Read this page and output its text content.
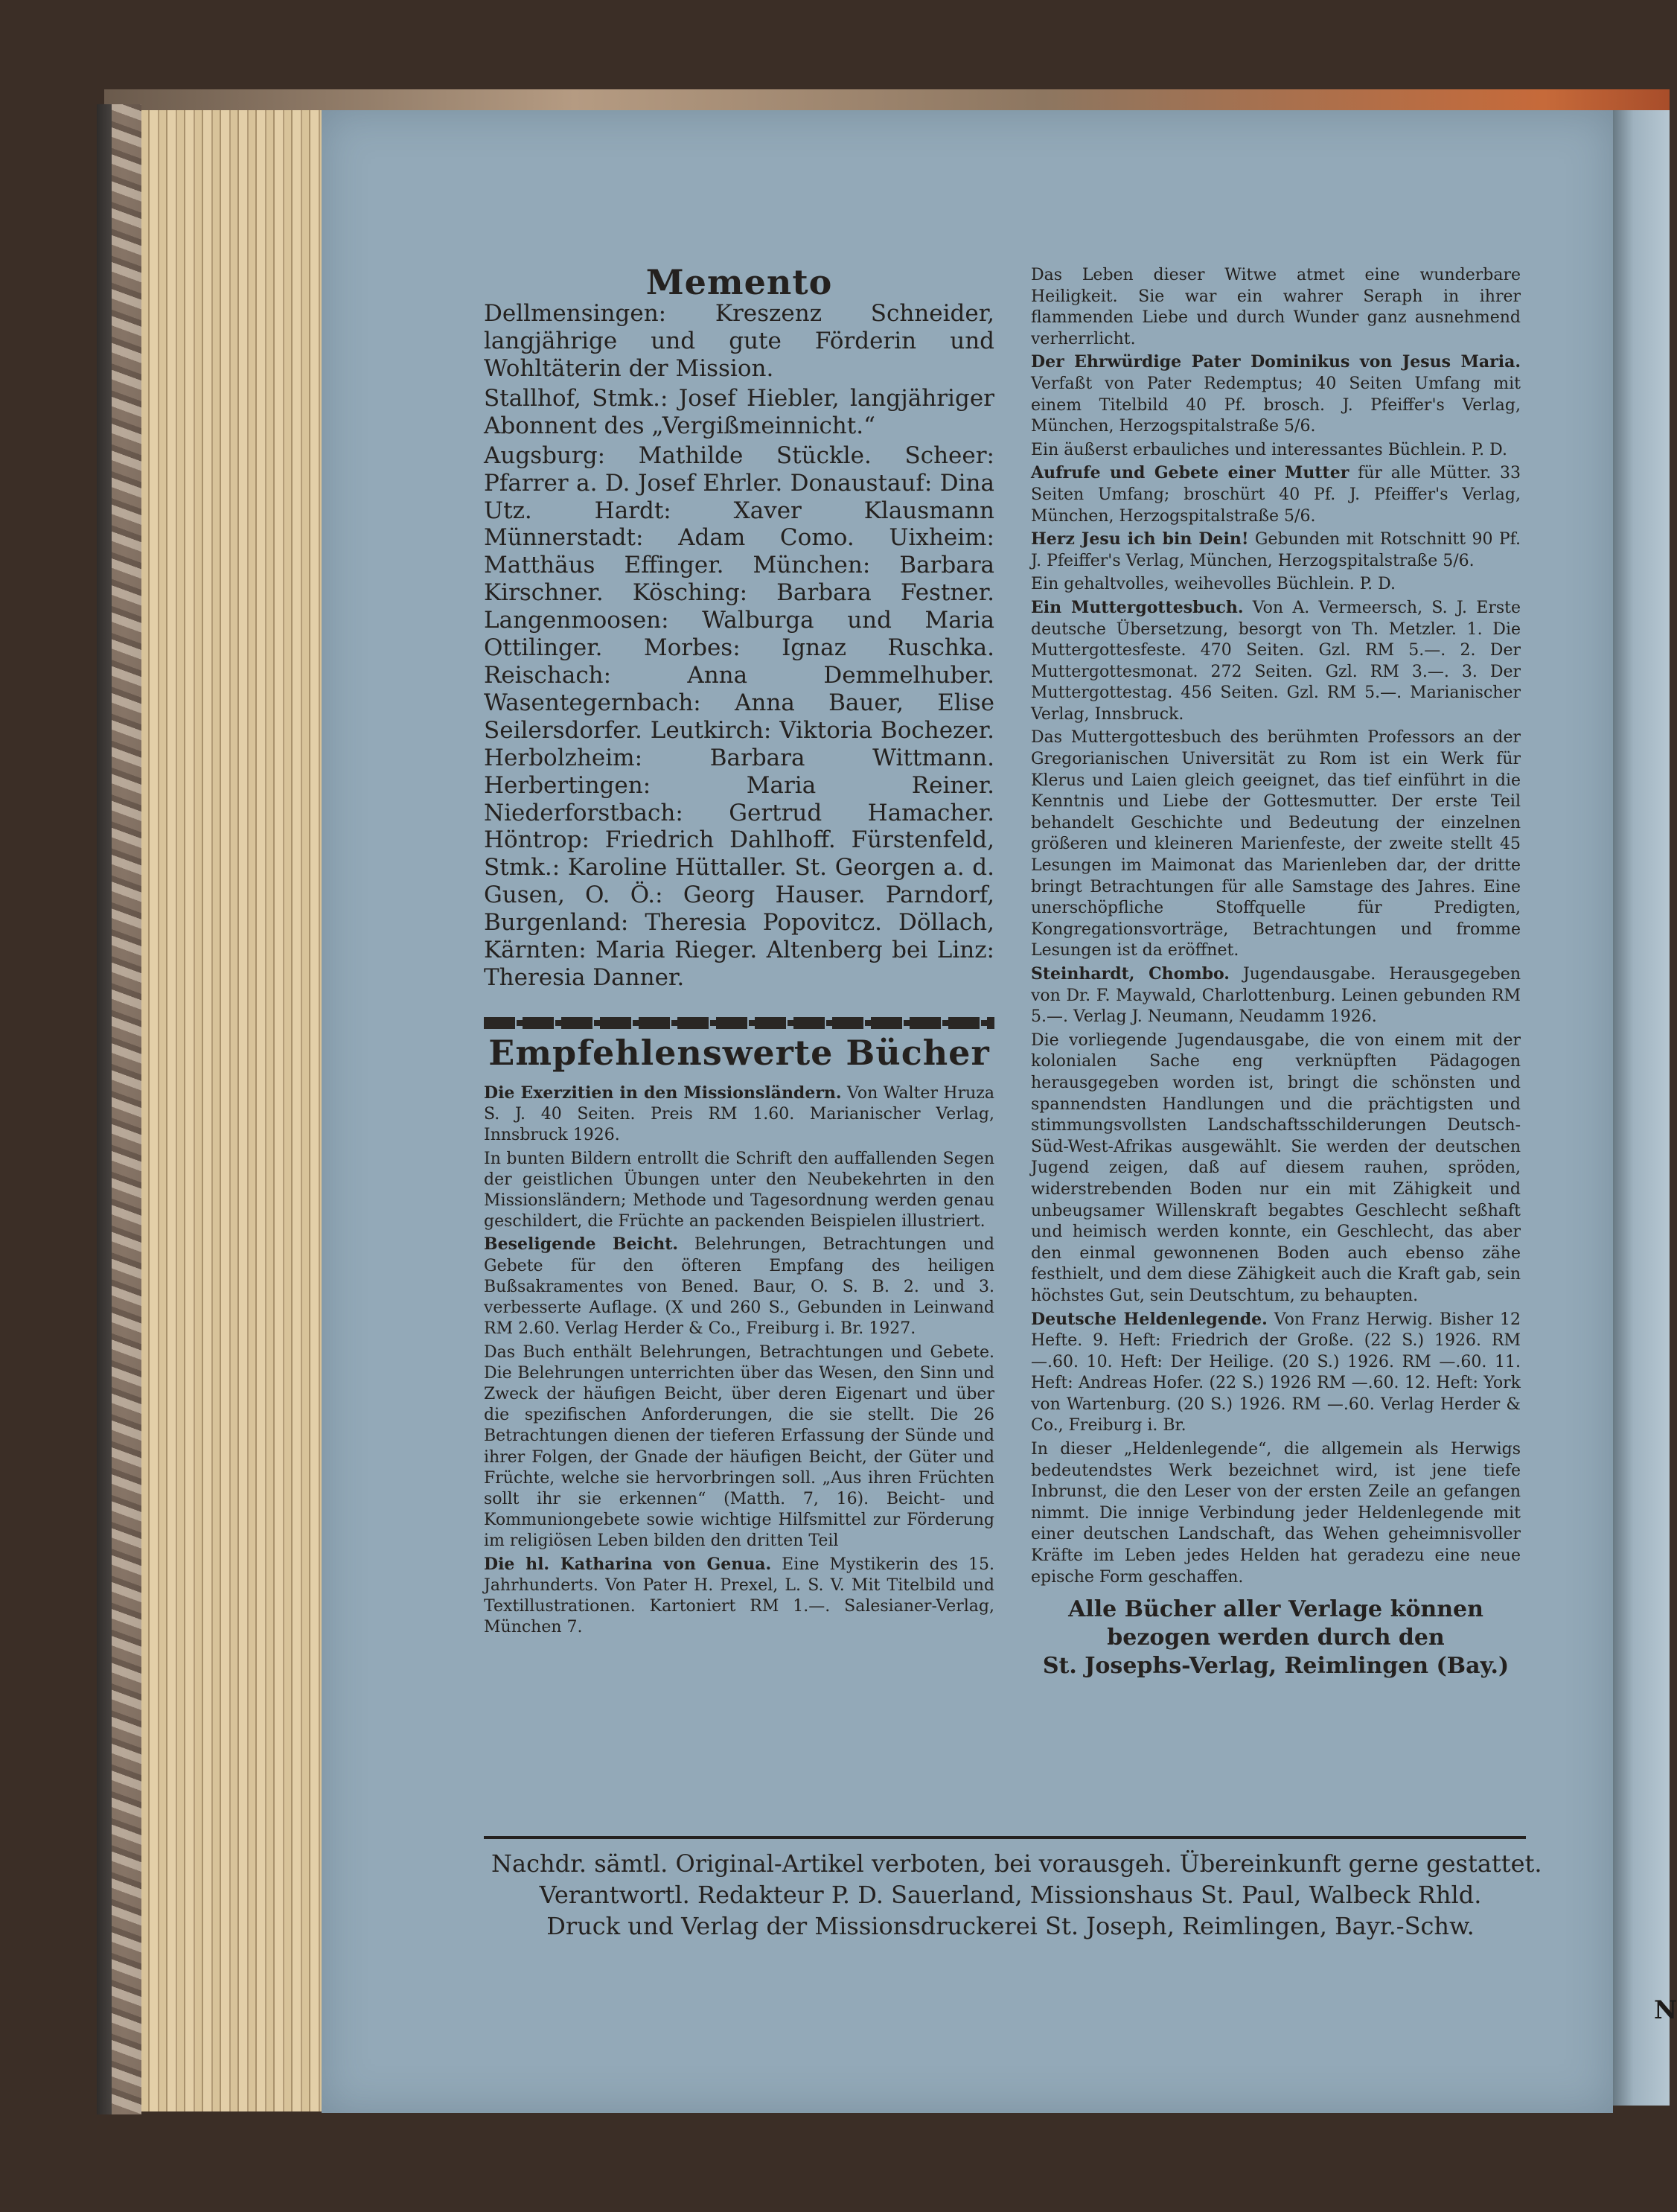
N
Memento

Dellmensingen: Kreszenz Schneider, langjährige und gute Förderin und Wohltäterin der Mission.

Stallhof, Stmk.: Josef Hiebler, langjähriger Abonnent des „Vergißmeinnicht.“

Augsburg: Mathilde Stückle. Scheer: Pfarrer a. D. Josef Ehrler. Donaustauf: Dina Utz. Hardt: Xaver Klausmann Münnerstadt: Adam Como. Uixheim: Matthäus Effinger. München: Barbara Kirschner. Kösching: Barbara Festner. Langenmoosen: Walburga und Maria Ottilinger. Morbes: Ignaz Ruschka. Reischach: Anna Demmelhuber. Wasentegernbach: Anna Bauer, Elise Seilersdorfer. Leutkirch: Viktoria Bochezer. Herbolzheim: Barbara Wittmann. Herbertingen: Maria Reiner. Niederforstbach: Gertrud Hamacher. Höntrop: Friedrich Dahlhoff. Fürstenfeld, Stmk.: Karoline Hüttaller. St. Georgen a. d. Gusen, O. Ö.: Georg Hauser. Parndorf, Burgenland: Theresia Popovitcz. Döllach, Kärnten: Maria Rieger. Altenberg bei Linz: Theresia Danner.

Empfehlenswerte Bücher

Die Exerzitien in den Missionsländern. Von Walter Hruza S. J. 40 Seiten. Preis RM 1.60. Marianischer Verlag, Innsbruck 1926.

In bunten Bildern entrollt die Schrift den auffallenden Segen der geistlichen Übungen unter den Neubekehrten in den Missionsländern; Methode und Tagesordnung werden genau geschildert, die Früchte an packenden Beispielen illustriert.

Beseligende Beicht. Belehrungen, Betrachtungen und Gebete für den öfteren Empfang des heiligen Bußsakramentes von Bened. Baur, O. S. B. 2. und 3. verbesserte Auflage. (X und 260 S., Gebunden in Leinwand RM 2.60. Verlag Herder & Co., Freiburg i. Br. 1927.

Das Buch enthält Belehrungen, Betrachtungen und Gebete. Die Belehrungen unterrichten über das Wesen, den Sinn und Zweck der häufigen Beicht, über deren Eigenart und über die spezifischen Anforderungen, die sie stellt. Die 26 Betrachtungen dienen der tieferen Erfassung der Sünde und ihrer Folgen, der Gnade der häufigen Beicht, der Güter und Früchte, welche sie hervorbringen soll. „Aus ihren Früchten sollt ihr sie erkennen“ (Matth. 7, 16). Beicht- und Kommuniongebete sowie wichtige Hilfsmittel zur Förderung im religiösen Leben bilden den dritten Teil

Die hl. Katharina von Genua. Eine Mystikerin des 15. Jahrhunderts. Von Pater H. Prexel, L. S. V. Mit Titelbild und Textillustrationen. Kartoniert RM 1.—. Salesianer-Verlag, München 7.

Das Leben dieser Witwe atmet eine wunderbare Heiligkeit. Sie war ein wahrer Seraph in ihrer flammenden Liebe und durch Wunder ganz ausnehmend verherrlicht.

Der Ehrwürdige Pater Dominikus von Jesus Maria. Verfaßt von Pater Redemptus; 40 Seiten Umfang mit einem Titelbild 40 Pf. brosch. J. Pfeiffer's Verlag, München, Herzogspitalstraße 5/6.

Ein äußerst erbauliches und interessantes Büchlein. P. D.

Aufrufe und Gebete einer Mutter für alle Mütter. 33 Seiten Umfang; broschürt 40 Pf. J. Pfeiffer's Verlag, München, Herzogspitalstraße 5/6.

Herz Jesu ich bin Dein! Gebunden mit Rotschnitt 90 Pf. J. Pfeiffer's Verlag, München, Herzogspitalstraße 5/6.

Ein gehaltvolles, weihevolles Büchlein. P. D.

Ein Muttergottesbuch. Von A. Vermeersch, S. J. Erste deutsche Übersetzung, besorgt von Th. Metzler. 1. Die Muttergottesfeste. 470 Seiten. Gzl. RM 5.—. 2. Der Muttergottesmonat. 272 Seiten. Gzl. RM 3.—. 3. Der Muttergottestag. 456 Seiten. Gzl. RM 5.—. Marianischer Verlag, Innsbruck.

Das Muttergottesbuch des berühmten Professors an der Gregorianischen Universität zu Rom ist ein Werk für Klerus und Laien gleich geeignet, das tief einführt in die Kenntnis und Liebe der Gottesmutter. Der erste Teil behandelt Geschichte und Bedeutung der einzelnen größeren und kleineren Marienfeste, der zweite stellt 45 Lesungen im Maimonat das Marienleben dar, der dritte bringt Betrachtungen für alle Samstage des Jahres. Eine unerschöpfliche Stoffquelle für Predigten, Kongregationsvorträge, Betrachtungen und fromme Lesungen ist da eröffnet.

Steinhardt, Chombo. Jugendausgabe. Herausgegeben von Dr. F. Maywald, Charlottenburg. Leinen gebunden RM 5.—. Verlag J. Neumann, Neudamm 1926.

Die vorliegende Jugendausgabe, die von einem mit der kolonialen Sache eng verknüpften Pädagogen herausgegeben worden ist, bringt die schönsten und spannendsten Handlungen und die prächtigsten und stimmungsvollsten Landschaftsschilderungen Deutsch-Süd-West-Afrikas ausgewählt. Sie werden der deutschen Jugend zeigen, daß auf diesem rauhen, spröden, widerstrebenden Boden nur ein mit Zähigkeit und unbeugsamer Willenskraft begabtes Geschlecht seßhaft und heimisch werden konnte, ein Geschlecht, das aber den einmal gewonnenen Boden auch ebenso zähe festhielt, und dem diese Zähigkeit auch die Kraft gab, sein höchstes Gut, sein Deutschtum, zu behaupten.

Deutsche Heldenlegende. Von Franz Herwig. Bisher 12 Hefte. 9. Heft: Friedrich der Große. (22 S.) 1926. RM —.60. 10. Heft: Der Heilige. (20 S.) 1926. RM —.60. 11. Heft: Andreas Hofer. (22 S.) 1926 RM —.60. 12. Heft: York von Wartenburg. (20 S.) 1926. RM —.60. Verlag Herder & Co., Freiburg i. Br.

In dieser „Heldenlegende“, die allgemein als Herwigs bedeutendstes Werk bezeichnet wird, ist jene tiefe Inbrunst, die den Leser von der ersten Zeile an gefangen nimmt. Die innige Verbindung jeder Heldenlegende mit einer deutschen Landschaft, das Wehen geheimnisvoller Kräfte im Leben jedes Helden hat geradezu eine neue epische Form geschaffen.

Alle Bücher aller Verlage können
bezogen werden durch den
St. Josephs-Verlag, Reimlingen (Bay.)
Nachdr. sämtl. Original-Artikel verboten, bei vorausgeh. Übereinkunft gerne gestattet.
Verantwortl. Redakteur P. D. Sauerland, Missionshaus St. Paul, Walbeck Rhld.
Druck und Verlag der Missionsdruckerei St. Joseph, Reimlingen, Bayr.-Schw.
